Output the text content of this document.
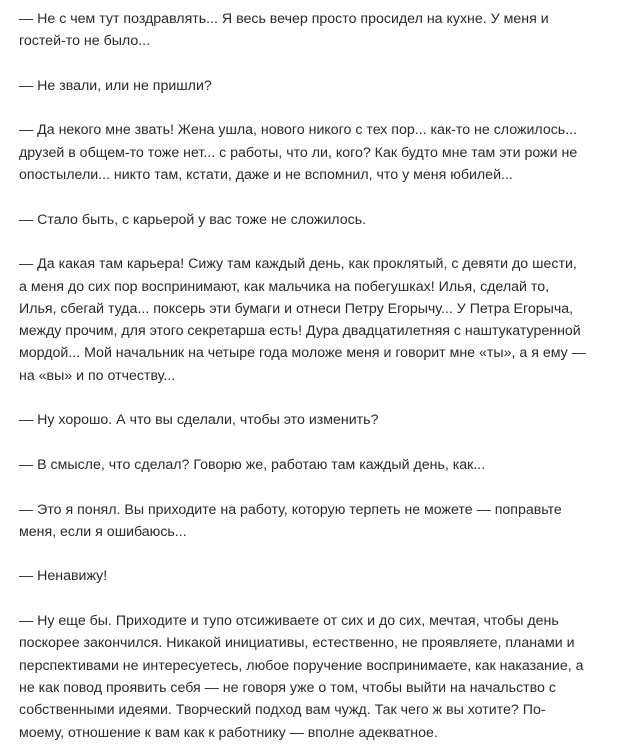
— Не с чем тут поздравлять... Я весь вечер просто просидел на кухне. У меня и
гостей-то не было...

— Не звали, или не пришли?

— Да некого мне звать! Жена ушла, нового никого с тех пор... как-то не сложилось...
друзей в общем-то тоже нет... с работы, что ли, кого? Как будто мне там эти рожи не
опостылели... никто там, кстати, даже и не вспомнил, что у меня юбилей...

— Стало быть, с карьерой у вас тоже не сложилось.

— Да какая там карьера! Сижу там каждый день, как проклятый, с девяти до шести,
а меня до сих пор воспринимают, как мальчика на побегушках! Илья, сделай то,
Илья, сбегай туда... поксерь эти бумаги и отнеси Петру Егорычу... У Петра Егорыча,
между прочим, для этого секретарша есть! Дура двадцатилетняя с наштукатуренной
мордой... Мой начальник на четыре года моложе меня и говорит мне «ты», а я ему —
на «вы» и по отчеству...

— Ну хорошо. А что вы сделали, чтобы это изменить?

— В смысле, что сделал? Говорю же, работаю там каждый день, как...

— Это я понял. Вы приходите на работу, которую терпеть не можете — поправьте
меня, если я ошибаюсь...

— Ненавижу!

— Ну еще бы. Приходите и тупо отсиживаете от сих и до сих, мечтая, чтобы день
поскорее закончился. Никакой инициативы, естественно, не проявляете, планами и
перспективами не интересуетесь, любое поручение воспринимаете, как наказание, а
не как повод проявить себя — не говоря уже о том, чтобы выйти на начальство с
собственными идеями. Творческий подход вам чужд. Так чего ж вы хотите? По-
моему, отношение к вам как к работнику — вполне адекватное.
